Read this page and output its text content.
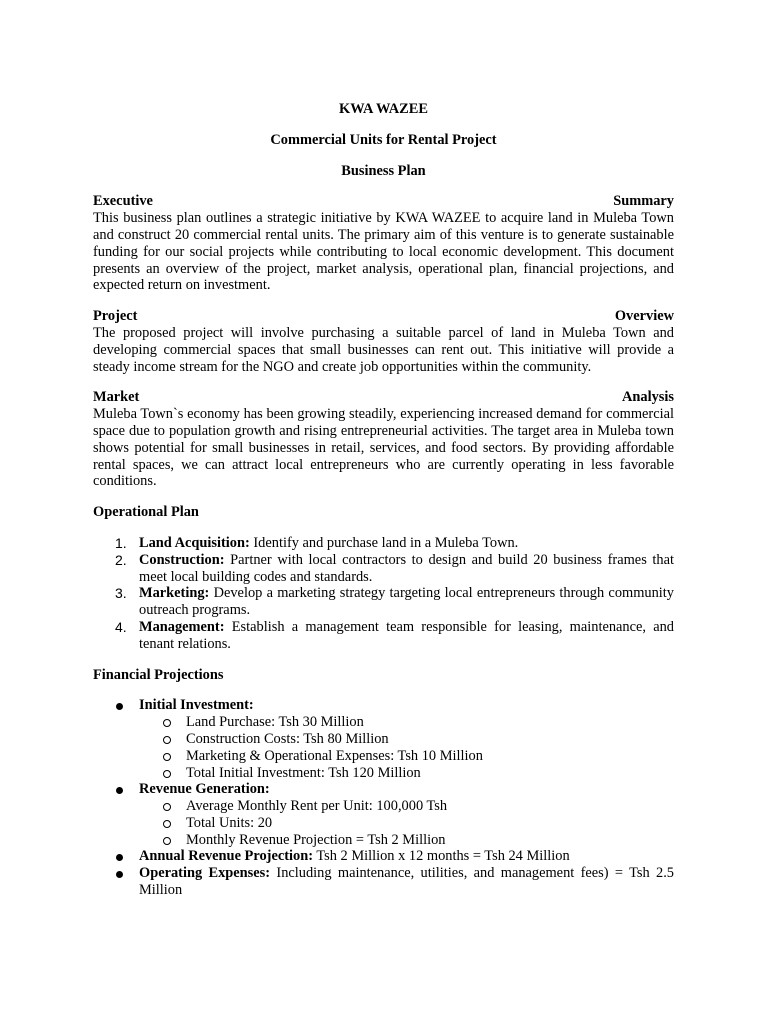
KWA WAZEE

Commercial Units for Rental Project

Business Plan

Executive	Summary

This business plan outlines a strategic initiative by KWA WAZEE to acquire land in Muleba Town and construct 20 commercial rental units. The primary aim of this venture is to generate sustainable funding for our social projects while contributing to local economic development. This document presents an overview of the project, market analysis, operational plan, financial projections, and expected return on investment.

Project	Overview

The proposed project will involve purchasing a suitable parcel of land in Muleba Town and developing commercial spaces that small businesses can rent out. This initiative will provide a steady income stream for the NGO and create job opportunities within the community.

Market	Analysis

Muleba Town`s economy has been growing steadily, experiencing increased demand for commercial space due to population growth and rising entrepreneurial activities. The target area in Muleba town shows potential for small businesses in retail, services, and food sectors. By providing affordable rental spaces, we can attract local entrepreneurs who are currently operating in less favorable conditions.

Operational Plan

1. Land Acquisition: Identify and purchase land in a Muleba Town.
2. Construction: Partner with local contractors to design and build 20 business frames that meet local building codes and standards.
3. Marketing: Develop a marketing strategy targeting local entrepreneurs through community outreach programs.
4. Management: Establish a management team responsible for leasing, maintenance, and tenant relations.

Financial Projections

Initial Investment:
Land Purchase: Tsh 30 Million
Construction Costs: Tsh 80 Million
Marketing & Operational Expenses: Tsh 10 Million
Total Initial Investment: Tsh 120 Million
Revenue Generation:
Average Monthly Rent per Unit: 100,000 Tsh
Total Units: 20
Monthly Revenue Projection = Tsh 2 Million
Annual Revenue Projection: Tsh 2 Million x 12 months = Tsh 24 Million
Operating Expenses: Including maintenance, utilities, and management fees) = Tsh 2.5 Million
